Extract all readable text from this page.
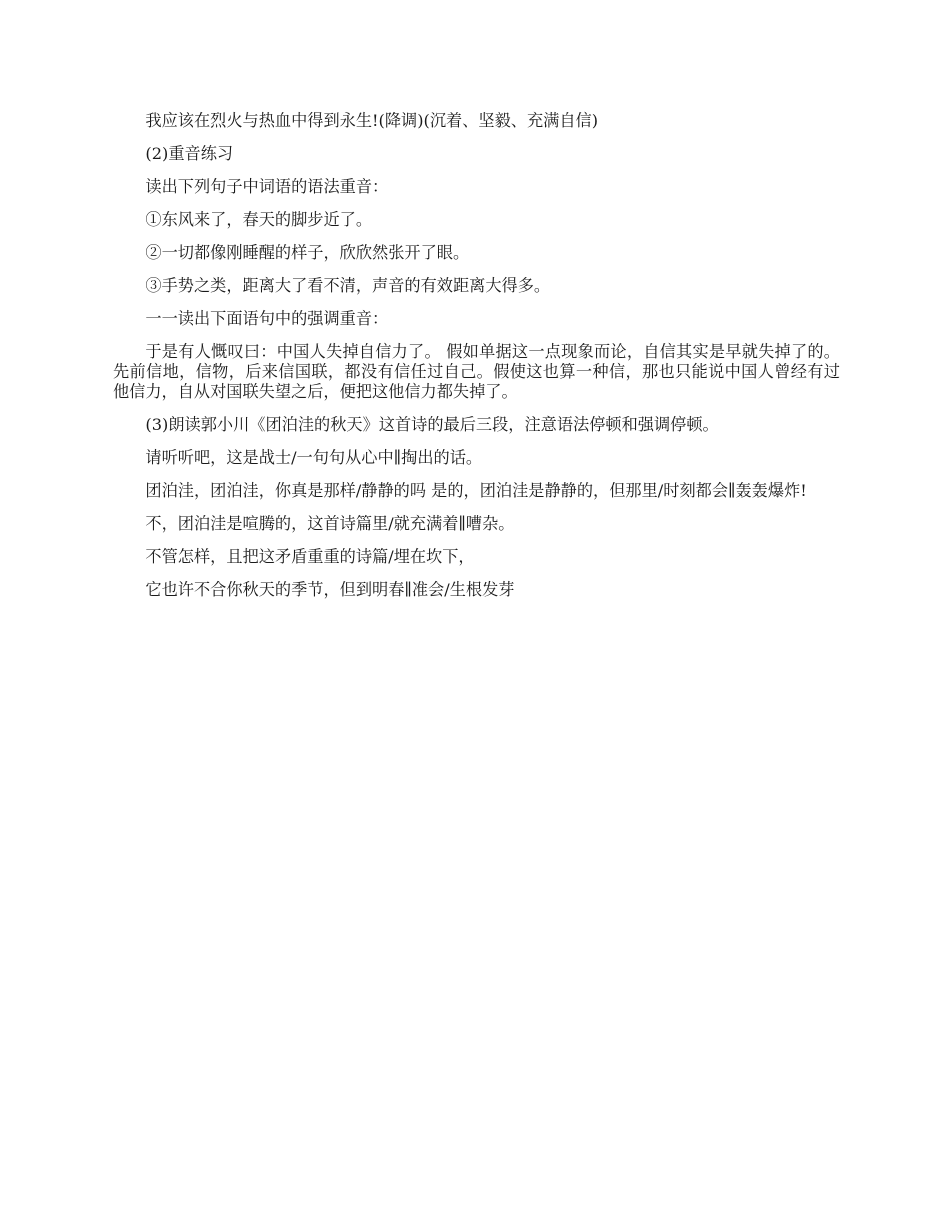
我应该在烈火与热血中得到永生!(降调)(沉着、坚毅、充满自信)

(2)重音练习

读出下列句子中词语的语法重音：

①东风来了，春天的脚步近了。

②一切都像刚睡醒的样子，欣欣然张开了眼。

③手势之类，距离大了看不清，声音的有效距离大得多。

一一读出下面语句中的强调重音：

于是有人慨叹曰：中国人失掉自信力了。 假如单据这一点现象而论，自信其实是早就失掉了的。先前信地，信物，后来信国联，都没有信任过自己。假使这也算一种信，那也只能说中国人曾经有过他信力，自从对国联失望之后，便把这他信力都失掉了。

(3)朗读郭小川《团泊洼的秋天》这首诗的最后三段，注意语法停顿和强调停顿。

请听听吧，这是战士/一句句从心中∥掏出的话。

团泊洼，团泊洼，你真是那样/静静的吗 是的，团泊洼是静静的，但那里/时刻都会∥轰轰爆炸!

不，团泊洼是喧腾的，这首诗篇里/就充满着∥嘈杂。

不管怎样，且把这矛盾重重的诗篇/埋在坎下，

它也许不合你秋天的季节，但到明春∥准会/生根发芽
